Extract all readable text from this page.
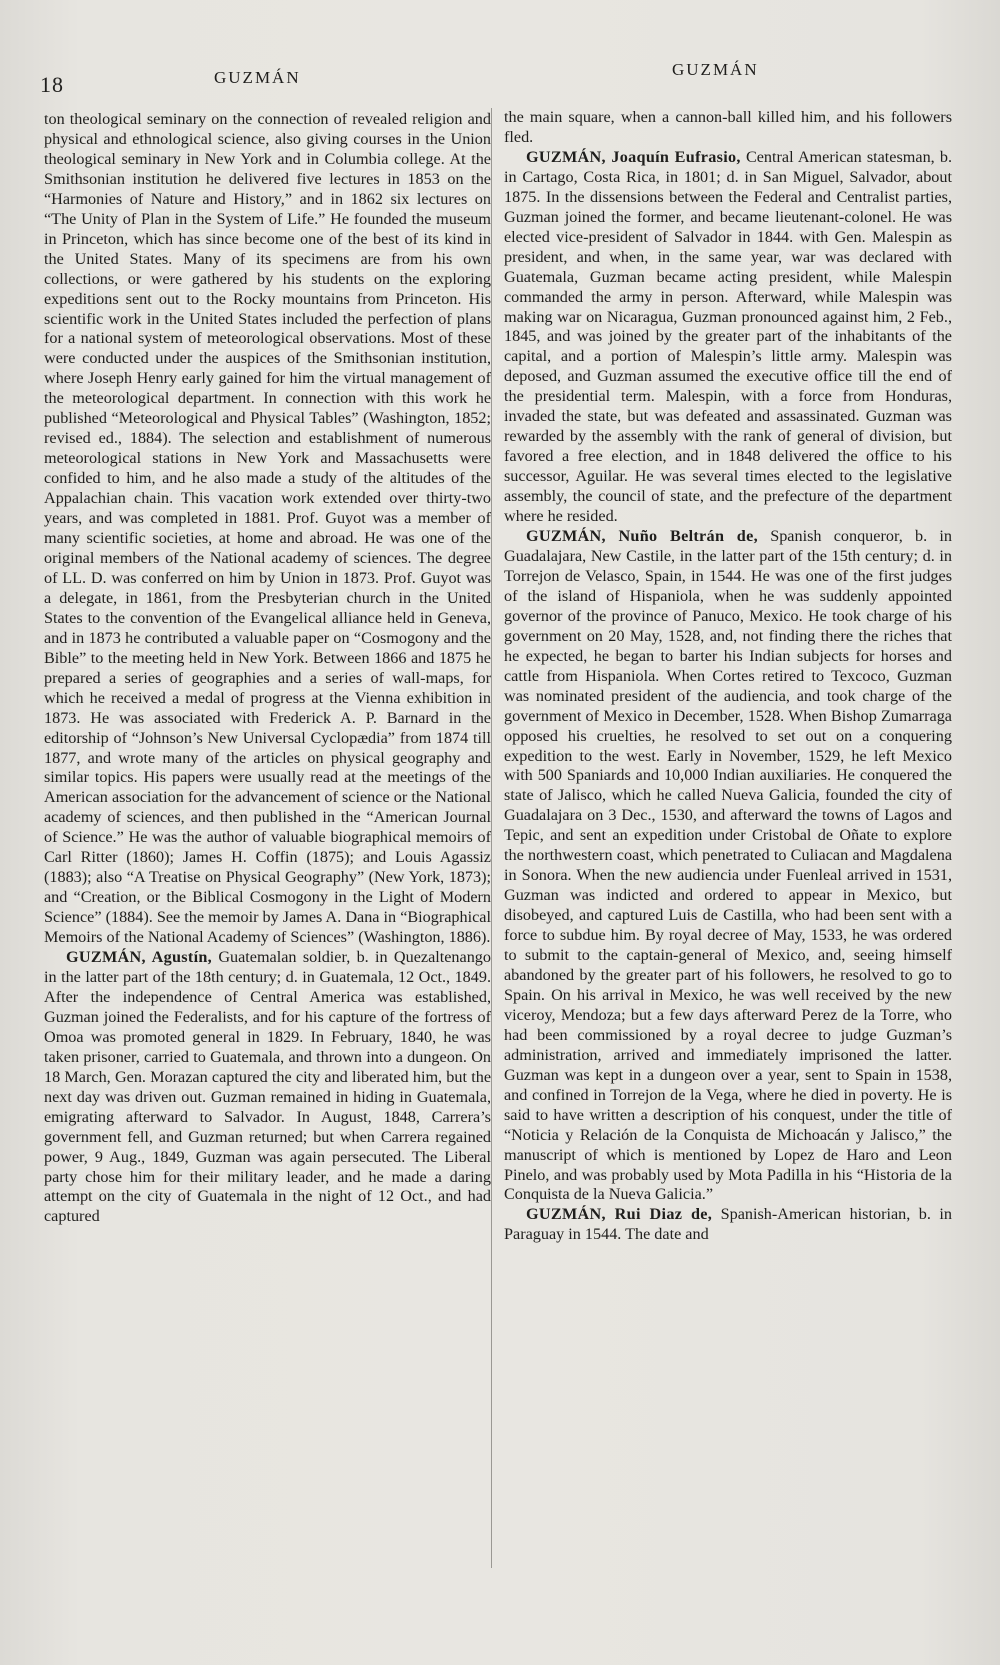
18	GUZMÁN	GUZMÁN

ton theological seminary on the connection of revealed religion and physical and ethnological science, also giving courses in the Union theological seminary in New York and in Columbia college. At the Smithsonian institution he delivered five lectures in 1853 on the “Harmonies of Nature and History,” and in 1862 six lectures on “The Unity of Plan in the System of Life.” He founded the museum in Princeton, which has since become one of the best of its kind in the United States. Many of its specimens are from his own collections, or were gathered by his students on the exploring expeditions sent out to the Rocky mountains from Princeton. His scientific work in the United States included the perfection of plans for a national system of meteorological observations. Most of these were conducted under the auspices of the Smithsonian institution, where Joseph Henry early gained for him the virtual management of the meteorological department. In connection with this work he published “Meteorological and Physical Tables” (Washington, 1852; revised ed., 1884). The selection and establishment of numerous meteorological stations in New York and Massachusetts were confided to him, and he also made a study of the altitudes of the Appalachian chain. This vacation work extended over thirty-two years, and was completed in 1881. Prof. Guyot was a member of many scientific societies, at home and abroad. He was one of the original members of the National academy of sciences. The degree of LL. D. was conferred on him by Union in 1873. Prof. Guyot was a delegate, in 1861, from the Presbyterian church in the United States to the convention of the Evangelical alliance held in Geneva, and in 1873 he contributed a valuable paper on “Cosmogony and the Bible” to the meeting held in New York. Between 1866 and 1875 he prepared a series of geographies and a series of wall-maps, for which he received a medal of progress at the Vienna exhibition in 1873. He was associated with Frederick A. P. Barnard in the editorship of “Johnson’s New Universal Cyclopædia” from 1874 till 1877, and wrote many of the articles on physical geography and similar topics. His papers were usually read at the meetings of the American association for the advancement of science or the National academy of sciences, and then published in the “American Journal of Science.” He was the author of valuable biographical memoirs of Carl Ritter (1860); James H. Coffin (1875); and Louis Agassiz (1883); also “A Treatise on Physical Geography” (New York, 1873); and “Creation, or the Biblical Cosmogony in the Light of Modern Science” (1884). See the memoir by James A. Dana in “Biographical Memoirs of the National Academy of Sciences” (Washington, 1886).

GUZMÁN, Agustín, Guatemalan soldier, b. in Quezaltenango in the latter part of the 18th century; d. in Guatemala, 12 Oct., 1849. After the independence of Central America was established, Guzman joined the Federalists, and for his capture of the fortress of Omoa was promoted general in 1829. In February, 1840, he was taken prisoner, carried to Guatemala, and thrown into a dungeon. On 18 March, Gen. Morazan captured the city and liberated him, but the next day was driven out. Guzman remained in hiding in Guatemala, emigrating afterward to Salvador. In August, 1848, Carrera’s government fell, and Guzman returned; but when Carrera regained power, 9 Aug., 1849, Guzman was again persecuted. The Liberal party chose him for their military leader, and he made a daring attempt on the city of Guatemala in the night of 12 Oct., and had captured

the main square, when a cannon-ball killed him, and his followers fled.

GUZMÁN, Joaquín Eufrasio, Central American statesman, b. in Cartago, Costa Rica, in 1801; d. in San Miguel, Salvador, about 1875. In the dissensions between the Federal and Centralist parties, Guzman joined the former, and became lieutenant-colonel. He was elected vice-president of Salvador in 1844. with Gen. Malespin as president, and when, in the same year, war was declared with Guatemala, Guzman became acting president, while Malespin commanded the army in person. Afterward, while Malespin was making war on Nicaragua, Guzman pronounced against him, 2 Feb., 1845, and was joined by the greater part of the inhabitants of the capital, and a portion of Malespin’s little army. Malespin was deposed, and Guzman assumed the executive office till the end of the presidential term. Malespin, with a force from Honduras, invaded the state, but was defeated and assassinated. Guzman was rewarded by the assembly with the rank of general of division, but favored a free election, and in 1848 delivered the office to his successor, Aguilar. He was several times elected to the legislative assembly, the council of state, and the prefecture of the department where he resided.

GUZMÁN, Nuño Beltrán de, Spanish conqueror, b. in Guadalajara, New Castile, in the latter part of the 15th century; d. in Torrejon de Velasco, Spain, in 1544. He was one of the first judges of the island of Hispaniola, when he was suddenly appointed governor of the province of Panuco, Mexico. He took charge of his government on 20 May, 1528, and, not finding there the riches that he expected, he began to barter his Indian subjects for horses and cattle from Hispaniola. When Cortes retired to Texcoco, Guzman was nominated president of the audiencia, and took charge of the government of Mexico in December, 1528. When Bishop Zumarraga opposed his cruelties, he resolved to set out on a conquering expedition to the west. Early in November, 1529, he left Mexico with 500 Spaniards and 10,000 Indian auxiliaries. He conquered the state of Jalisco, which he called Nueva Galicia, founded the city of Guadalajara on 3 Dec., 1530, and afterward the towns of Lagos and Tepic, and sent an expedition under Cristobal de Oñate to explore the northwestern coast, which penetrated to Culiacan and Magdalena in Sonora. When the new audiencia under Fuenleal arrived in 1531, Guzman was indicted and ordered to appear in Mexico, but disobeyed, and captured Luis de Castilla, who had been sent with a force to subdue him. By royal decree of May, 1533, he was ordered to submit to the captain-general of Mexico, and, seeing himself abandoned by the greater part of his followers, he resolved to go to Spain. On his arrival in Mexico, he was well received by the new viceroy, Mendoza; but a few days afterward Perez de la Torre, who had been commissioned by a royal decree to judge Guzman’s administration, arrived and immediately imprisoned the latter. Guzman was kept in a dungeon over a year, sent to Spain in 1538, and confined in Torrejon de la Vega, where he died in poverty. He is said to have written a description of his conquest, under the title of “Noticia y Relación de la Conquista de Michoacán y Jalisco,” the manuscript of which is mentioned by Lopez de Haro and Leon Pinelo, and was probably used by Mota Padilla in his “Historia de la Conquista de la Nueva Galicia.”

GUZMÁN, Rui Diaz de, Spanish-American historian, b. in Paraguay in 1544. The date and
